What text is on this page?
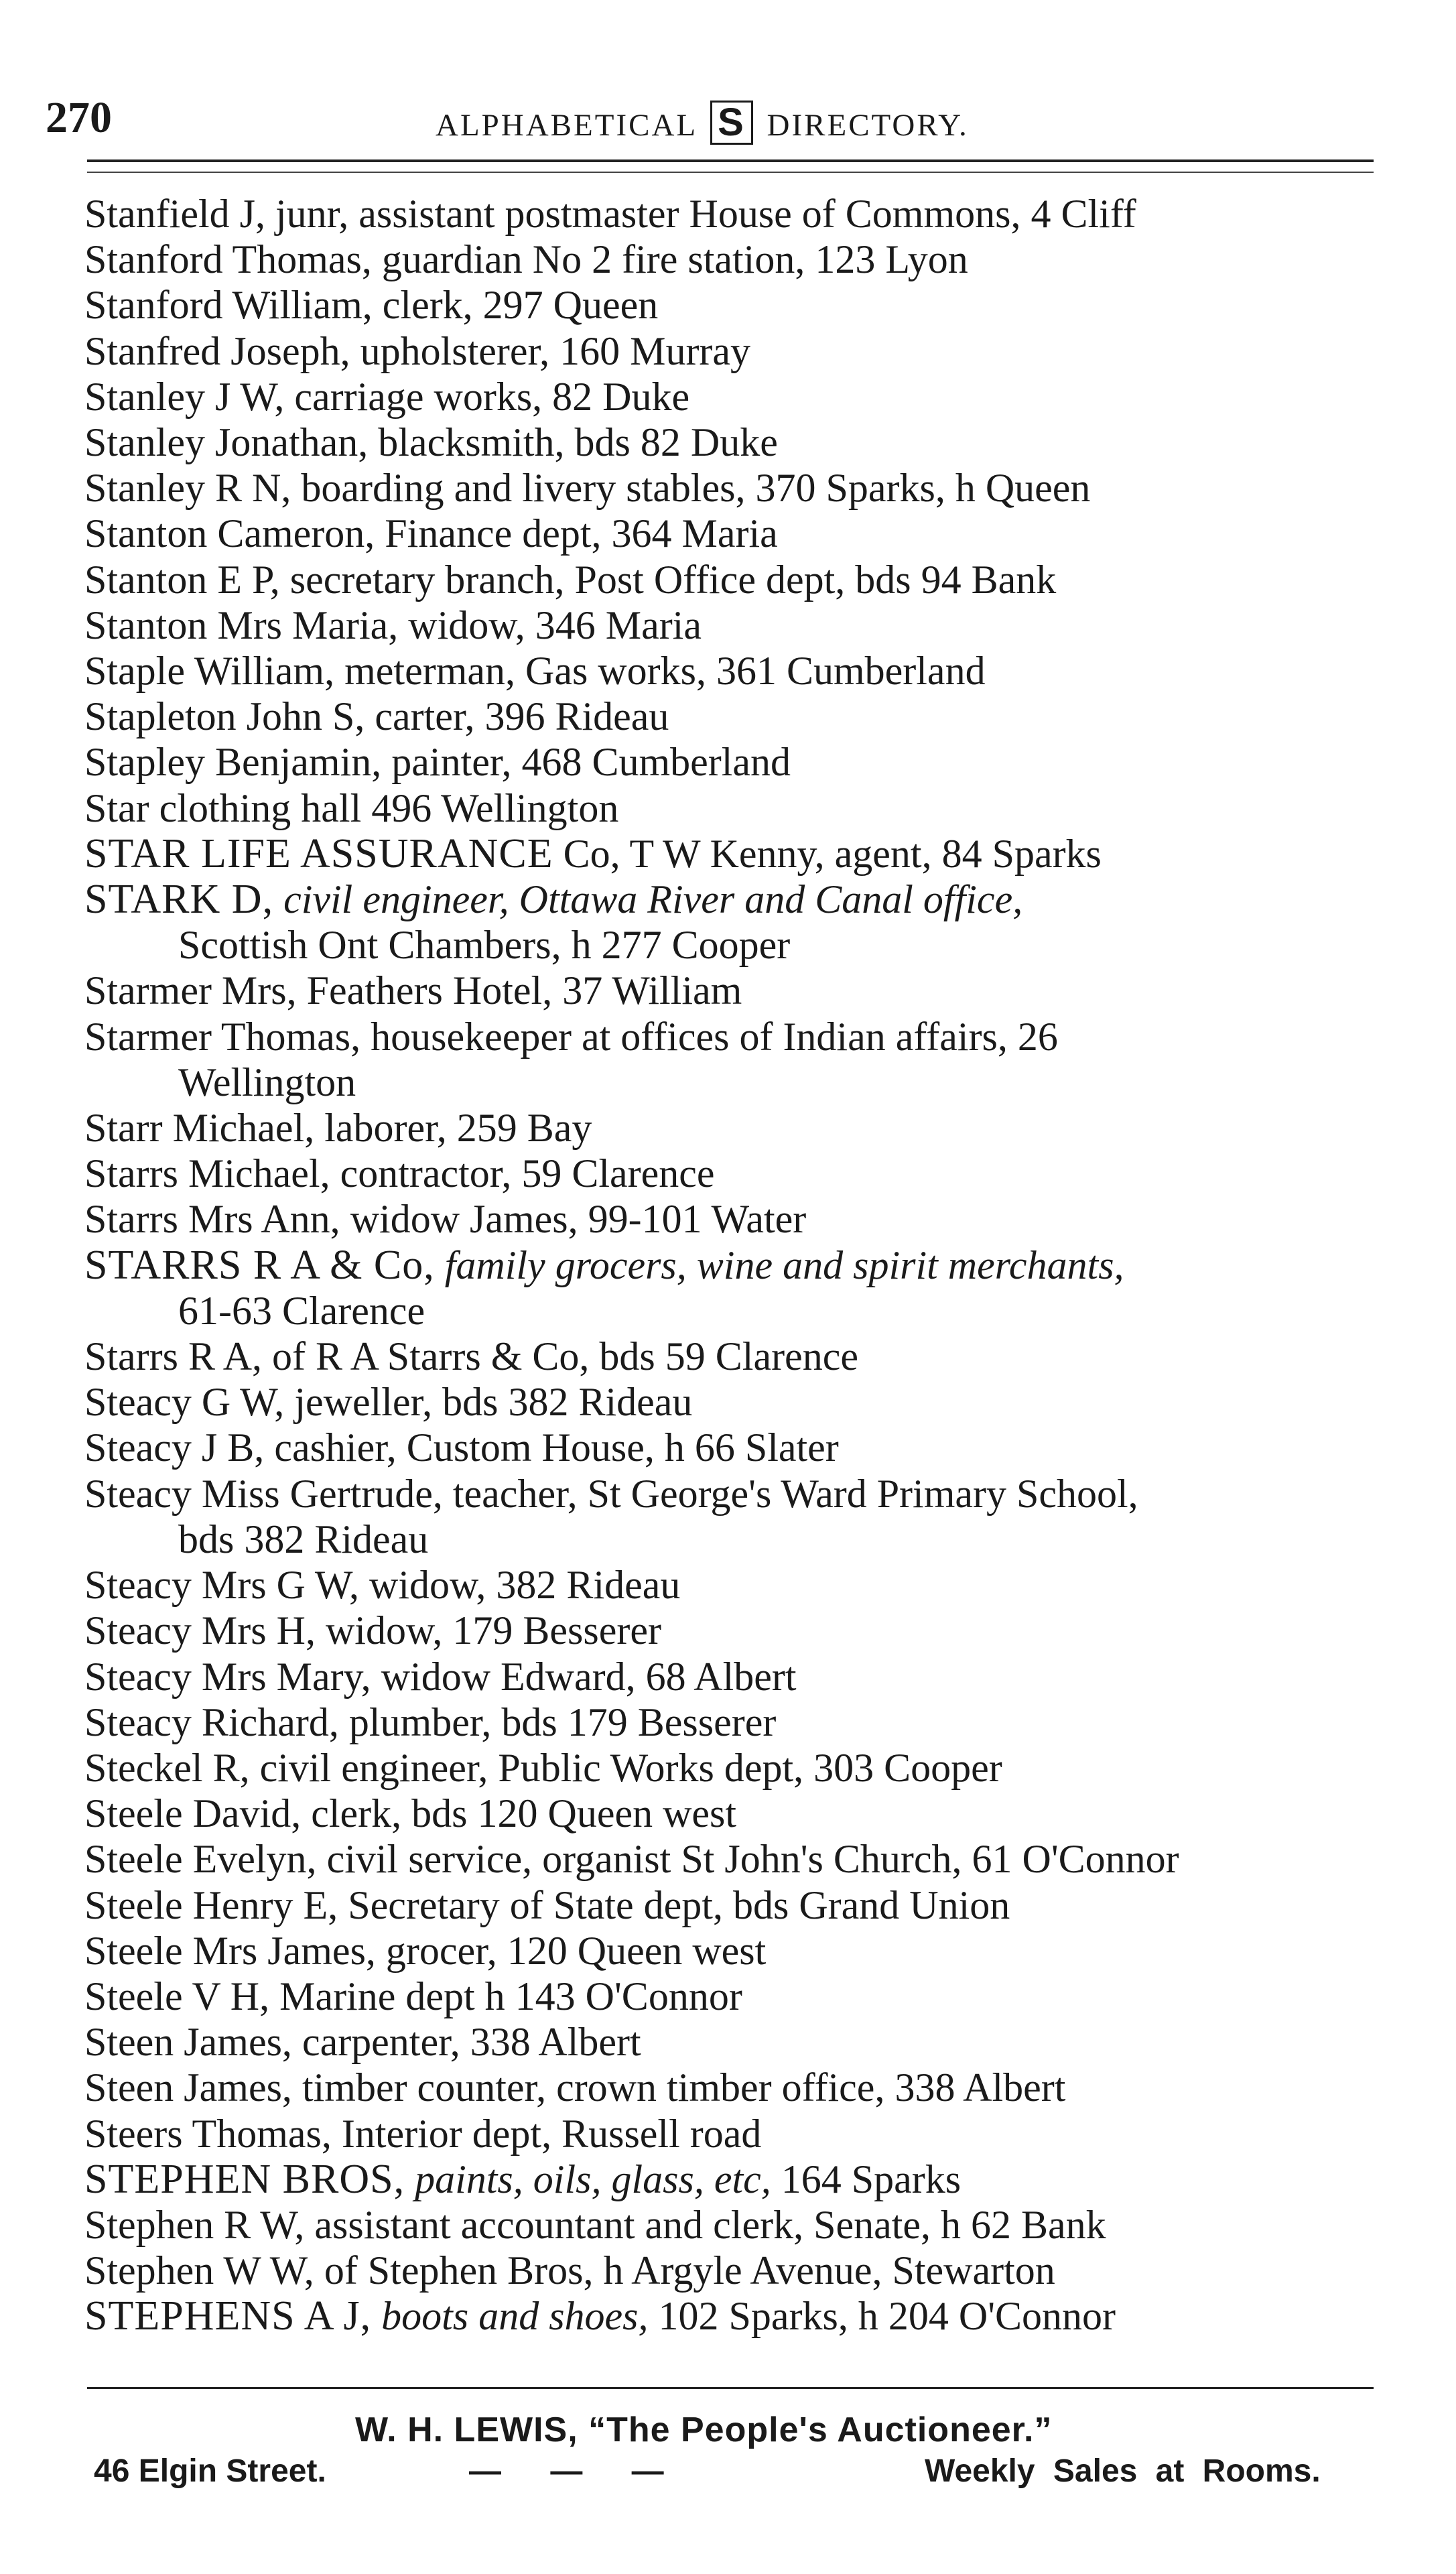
270	ALPHABETICAL S DIRECTORY.
Stanfield J, junr, assistant postmaster House of Commons, 4 Cliff
Stanford Thomas, guardian No 2 fire station, 123 Lyon
Stanford William, clerk, 297 Queen
Stanfred Joseph, upholsterer, 160 Murray
Stanley J W, carriage works, 82 Duke
Stanley Jonathan, blacksmith, bds 82 Duke
Stanley R N, boarding and livery stables, 370 Sparks, h Queen
Stanton Cameron, Finance dept, 364 Maria
Stanton E P, secretary branch, Post Office dept, bds 94 Bank
Stanton Mrs Maria, widow, 346 Maria
Staple William, meterman, Gas works, 361 Cumberland
Stapleton John S, carter, 396 Rideau
Stapley Benjamin, painter, 468 Cumberland
Star clothing hall 496 Wellington
STAR LIFE ASSURANCE Co, T W Kenny, agent, 84 Sparks
STARK D, civil engineer, Ottawa River and Canal office,
Scottish Ont Chambers, h 277 Cooper
Starmer Mrs, Feathers Hotel, 37 William
Starmer Thomas, housekeeper at offices of Indian affairs, 26
Wellington
Starr Michael, laborer, 259 Bay
Starrs Michael, contractor, 59 Clarence
Starrs Mrs Ann, widow James, 99-101 Water
STARRS R A & Co, family grocers, wine and spirit merchants,
61-63 Clarence
Starrs R A, of R A Starrs & Co, bds 59 Clarence
Steacy G W, jeweller, bds 382 Rideau
Steacy J B, cashier, Custom House, h 66 Slater
Steacy Miss Gertrude, teacher, St George's Ward Primary School,
bds 382 Rideau
Steacy Mrs G W, widow, 382 Rideau
Steacy Mrs H, widow, 179 Besserer
Steacy Mrs Mary, widow Edward, 68 Albert
Steacy Richard, plumber, bds 179 Besserer
Steckel R, civil engineer, Public Works dept, 303 Cooper
Steele David, clerk, bds 120 Queen west
Steele Evelyn, civil service, organist St John's Church, 61 O'Connor
Steele Henry E, Secretary of State dept, bds Grand Union
Steele Mrs James, grocer, 120 Queen west
Steele V H, Marine dept h 143 O'Connor
Steen James, carpenter, 338 Albert
Steen James, timber counter, crown timber office, 338 Albert
Steers Thomas, Interior dept, Russell road
STEPHEN BROS, paints, oils, glass, etc, 164 Sparks
Stephen R W, assistant accountant and clerk, Senate, h 62 Bank
Stephen W W, of Stephen Bros, h Argyle Avenue, Stewarton
STEPHENS A J, boots and shoes, 102 Sparks, h 204 O'Connor
W. H. LEWIS, “The People's Auctioneer.”
46 Elgin Street.	— — —	Weekly Sales at Rooms.
